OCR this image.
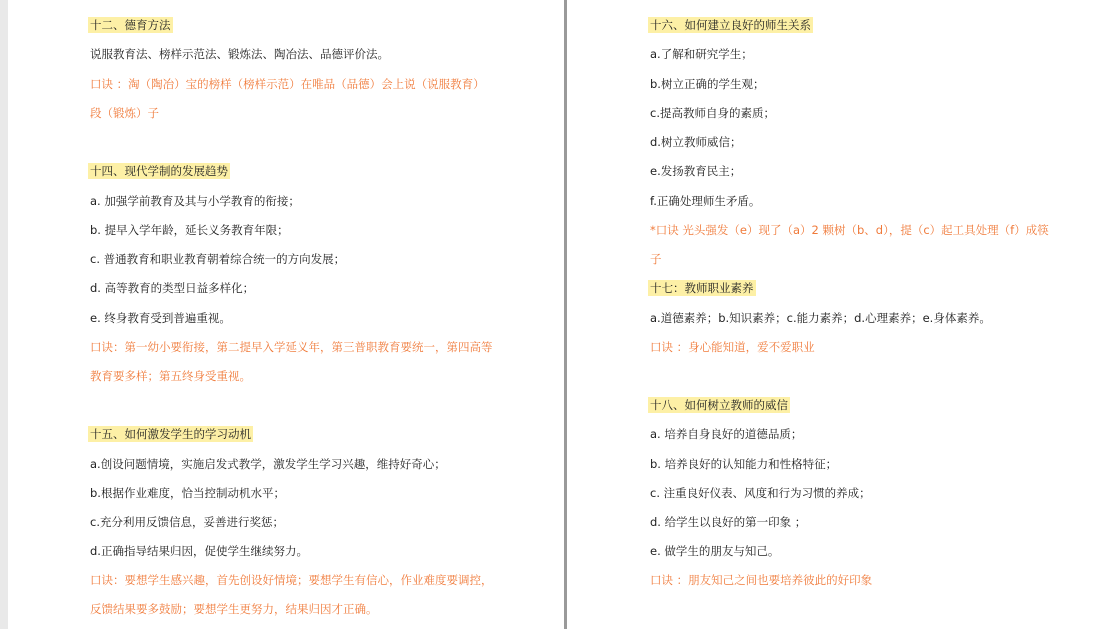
十二、德育方法
说服教育法、榜样示范法、锻炼法、陶冶法、品德评价法。
口诀 ：淘（陶冶）宝的榜样（榜样示范）在唯品（品德）会上说（说服教育）
段（锻炼）子
十四、现代学制的发展趋势
a. 加强学前教育及其与小学教育的衔接；
b. 提早入学年龄，延长义务教育年限；
c. 普通教育和职业教育朝着综合统一的方向发展；
d. 高等教育的类型日益多样化；
e. 终身教育受到普遍重视。
口诀：第一幼小要衔接，第二提早入学延义年，第三普职教育要统一，第四高等
教育要多样；第五终身受重视。
十五、如何激发学生的学习动机
a.创设问题情境，实施启发式教学，激发学生学习兴趣，维持好奇心；
b.根据作业难度，恰当控制动机水平；
c.充分利用反馈信息，妥善进行奖惩；
d.正确指导结果归因，促使学生继续努力。
口诀：要想学生感兴趣，首先创设好情境；要想学生有信心，作业难度要调控，
反馈结果要多鼓励；要想学生更努力，结果归因才正确。
十六、如何建立良好的师生关系
a.了解和研究学生；
b.树立正确的学生观；
c.提高教师自身的素质；
d.树立教师威信；
e.发扬教育民主；
f.正确处理师生矛盾。
*口诀 光头强发（e）现了（a）2 颗树（b、d），提（c）起工具处理（f）成筷
子
十七：教师职业素养
a.道德素养；b.知识素养；c.能力素养；d.心理素养；e.身体素养。
口诀 ：身心能知道，爱不爱职业
十八、如何树立教师的威信
a. 培养自身良好的道德品质；
b. 培养良好的认知能力和性格特征；
c. 注重良好仪表、风度和行为习惯的养成；
d. 给学生以良好的第一印象 ；
e. 做学生的朋友与知己。
口诀 ：朋友知己之间也要培养彼此的好印象
